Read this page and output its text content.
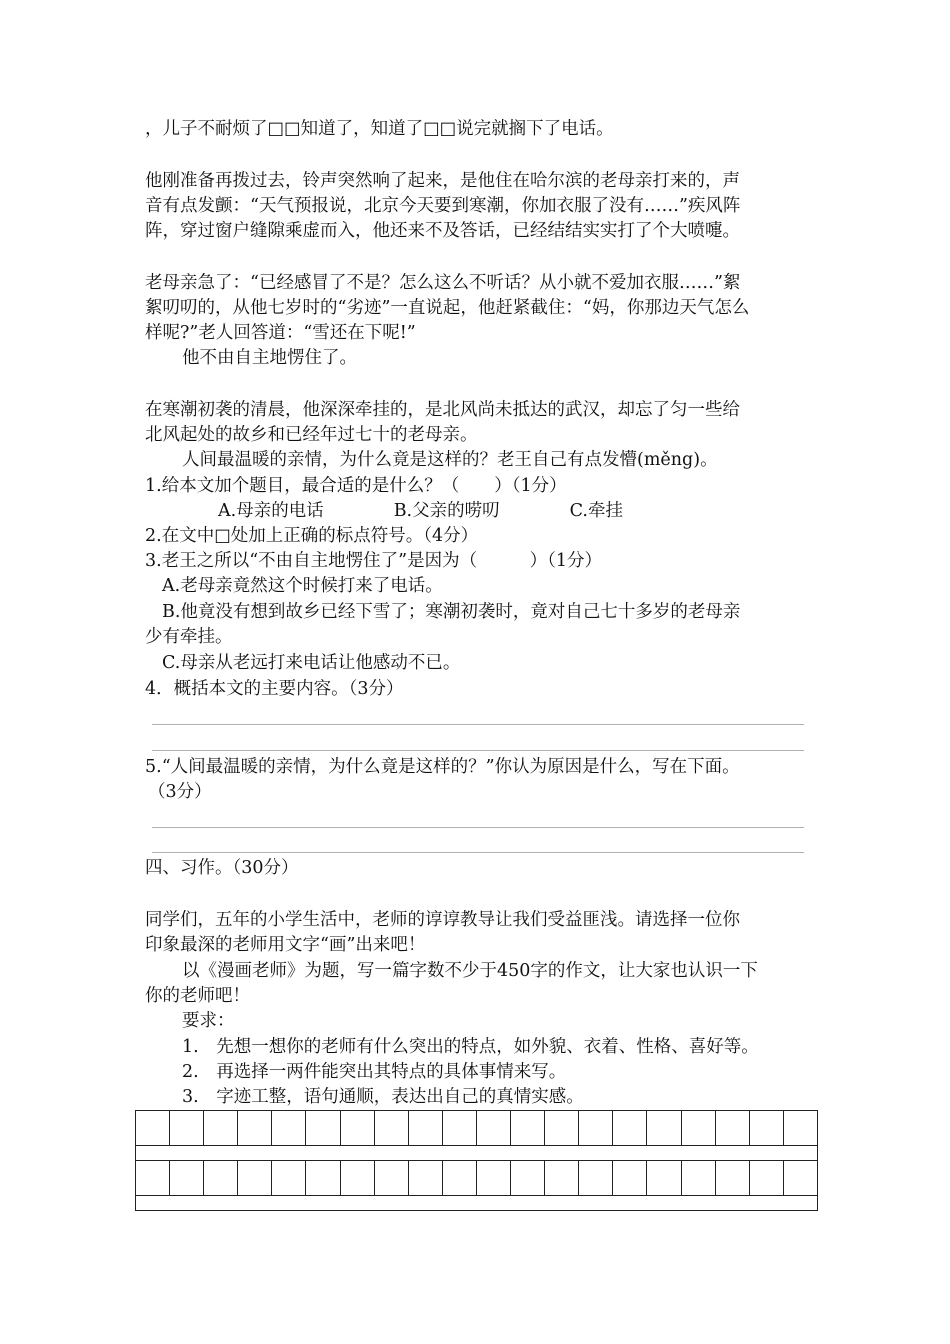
，儿子不耐烦了□□知道了，知道了□□说完就搁下了电话。
他刚准备再拨过去，铃声突然响了起来，是他住在哈尔滨的老母亲打来的，声
音有点发颤：“天气预报说，北京今天要到寒潮，你加衣服了没有……”疾风阵
阵，穿过窗户缝隙乘虚而入，他还来不及答话，已经结结实实打了个大喷嚏。
老母亲急了：“已经感冒了不是？怎么这么不听话？从小就不爱加衣服……”絮
絮叨叨的，从他七岁时的“劣迹”一直说起，他赶紧截住：“妈，你那边天气怎么
样呢?”老人回答道：“雪还在下呢!”
他不由自主地愣住了。
在寒潮初袭的清晨，他深深牵挂的，是北风尚未抵达的武汉，却忘了匀一些给
北风起处的故乡和已经年过七十的老母亲。
人间最温暖的亲情，为什么竟是这样的？老王自己有点发懵(měng)。
1.给本文加个题目，最合适的是什么？（　　）（1分）
A.母亲的电话　　　　B.父亲的唠叨　　　　C.牵挂
2.在文中□处加上正确的标点符号。（4分）
3.老王之所以“不由自主地愣住了”是因为（　　　）（1分）
A.老母亲竟然这个时候打来了电话。
B.他竟没有想到故乡已经下雪了；寒潮初袭时，竟对自己七十多岁的老母亲
少有牵挂。
C.母亲从老远打来电话让他感动不已。
4．概括本文的主要内容。（3分）
5.“人间最温暖的亲情，为什么竟是这样的？”你认为原因是什么，写在下面。
（3分）
四、习作。（30分）
同学们，五年的小学生活中，老师的谆谆教导让我们受益匪浅。请选择一位你
印象最深的老师用文字“画”出来吧！
以《漫画老师》为题，写一篇字数不少于450字的作文，让大家也认识一下
你的老师吧！
要求：
1.　先想一想你的老师有什么突出的特点，如外貌、衣着、性格、喜好等。
2.　再选择一两件能突出其特点的具体事情来写。
3.　字迹工整，语句通顺，表达出自己的真情实感。
